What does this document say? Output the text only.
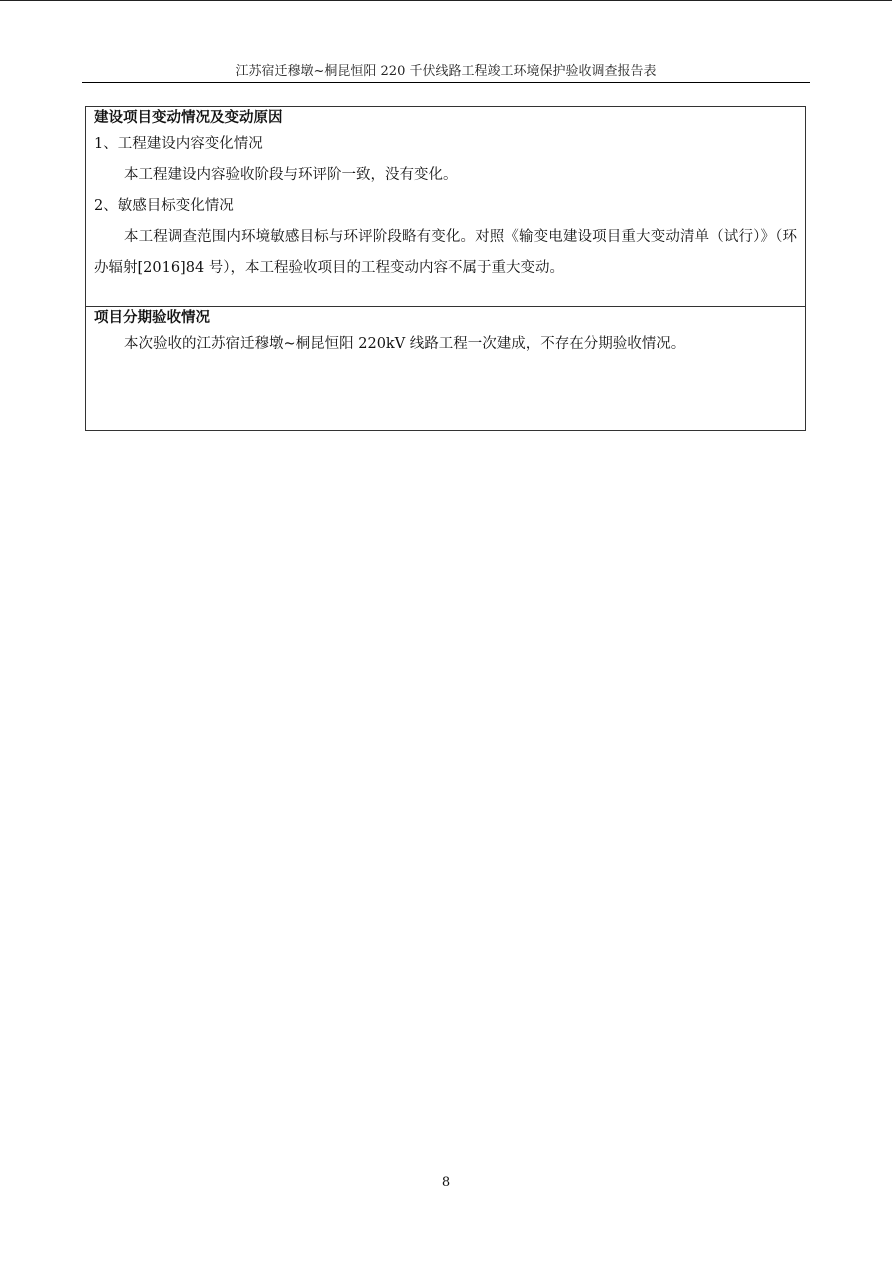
江苏宿迁穆墩~桐昆恒阳 220 千伏线路工程竣工环境保护验收调查报告表
建设项目变动情况及变动原因
1、工程建设内容变化情况
本工程建设内容验收阶段与环评阶一致，没有变化。
2、敏感目标变化情况

本工程调查范围内环境敏感目标与环评阶段略有变化。对照《输变电建设项目重大变动清单（试行）》（环办辐射[2016]84 号），本工程验收项目的工程变动内容不属于重大变动。

项目分期验收情况
本次验收的江苏宿迁穆墩~桐昆恒阳 220kV 线路工程一次建成，不存在分期验收情况。
8
